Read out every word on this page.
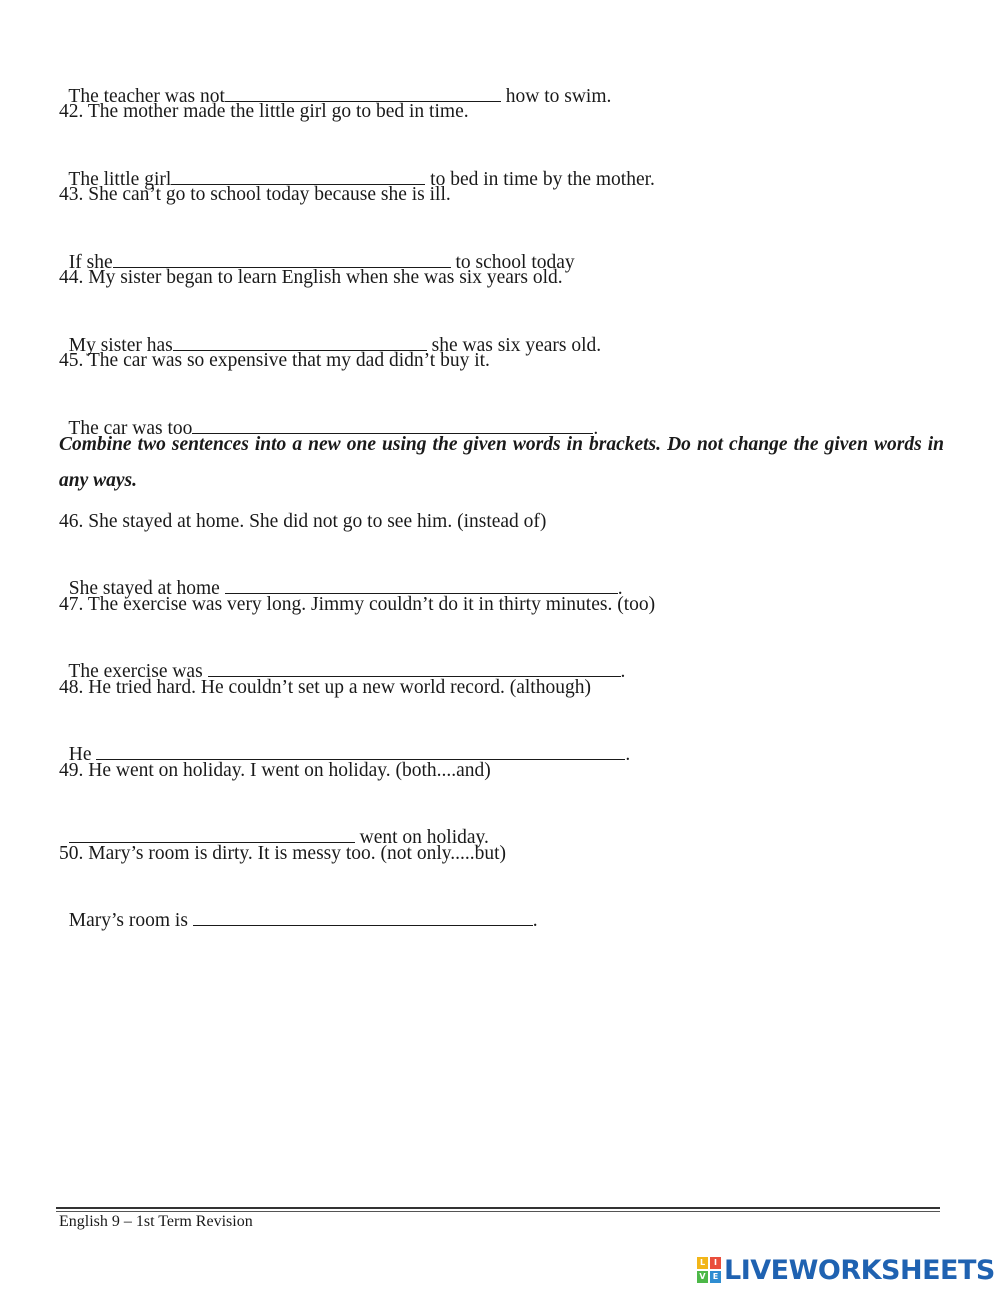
The teacher was not	how to swim.

42. The mother made the little girl go to bed in time.

The little girl	to bed in time by the mother.

43. She can’t go to school today because she is ill.

If she	to school today

44. My sister began to learn English when she was six years old.

My sister has	she was six years old.

45. The car was so expensive that my dad didn’t buy it.

The car was too	.

Combine two sentences into a new one using the given words in brackets. Do not change the given words in any ways.
46. She stayed at home. She did not go to see him. (instead of)

She stayed at home	.

47. The exercise was very long. Jimmy couldn’t do it in thirty minutes. (too)

The exercise was	.

48. He tried hard. He couldn’t set up a new world record. (although)

He	.

49. He went on holiday. I went on holiday. (both....and)

went on holiday.

50. Mary’s room is dirty. It is messy too. (not only.....but)

Mary’s room is	.

English 9 – 1st Term Revision
L	I
V E LIVEWORKSHEETS
